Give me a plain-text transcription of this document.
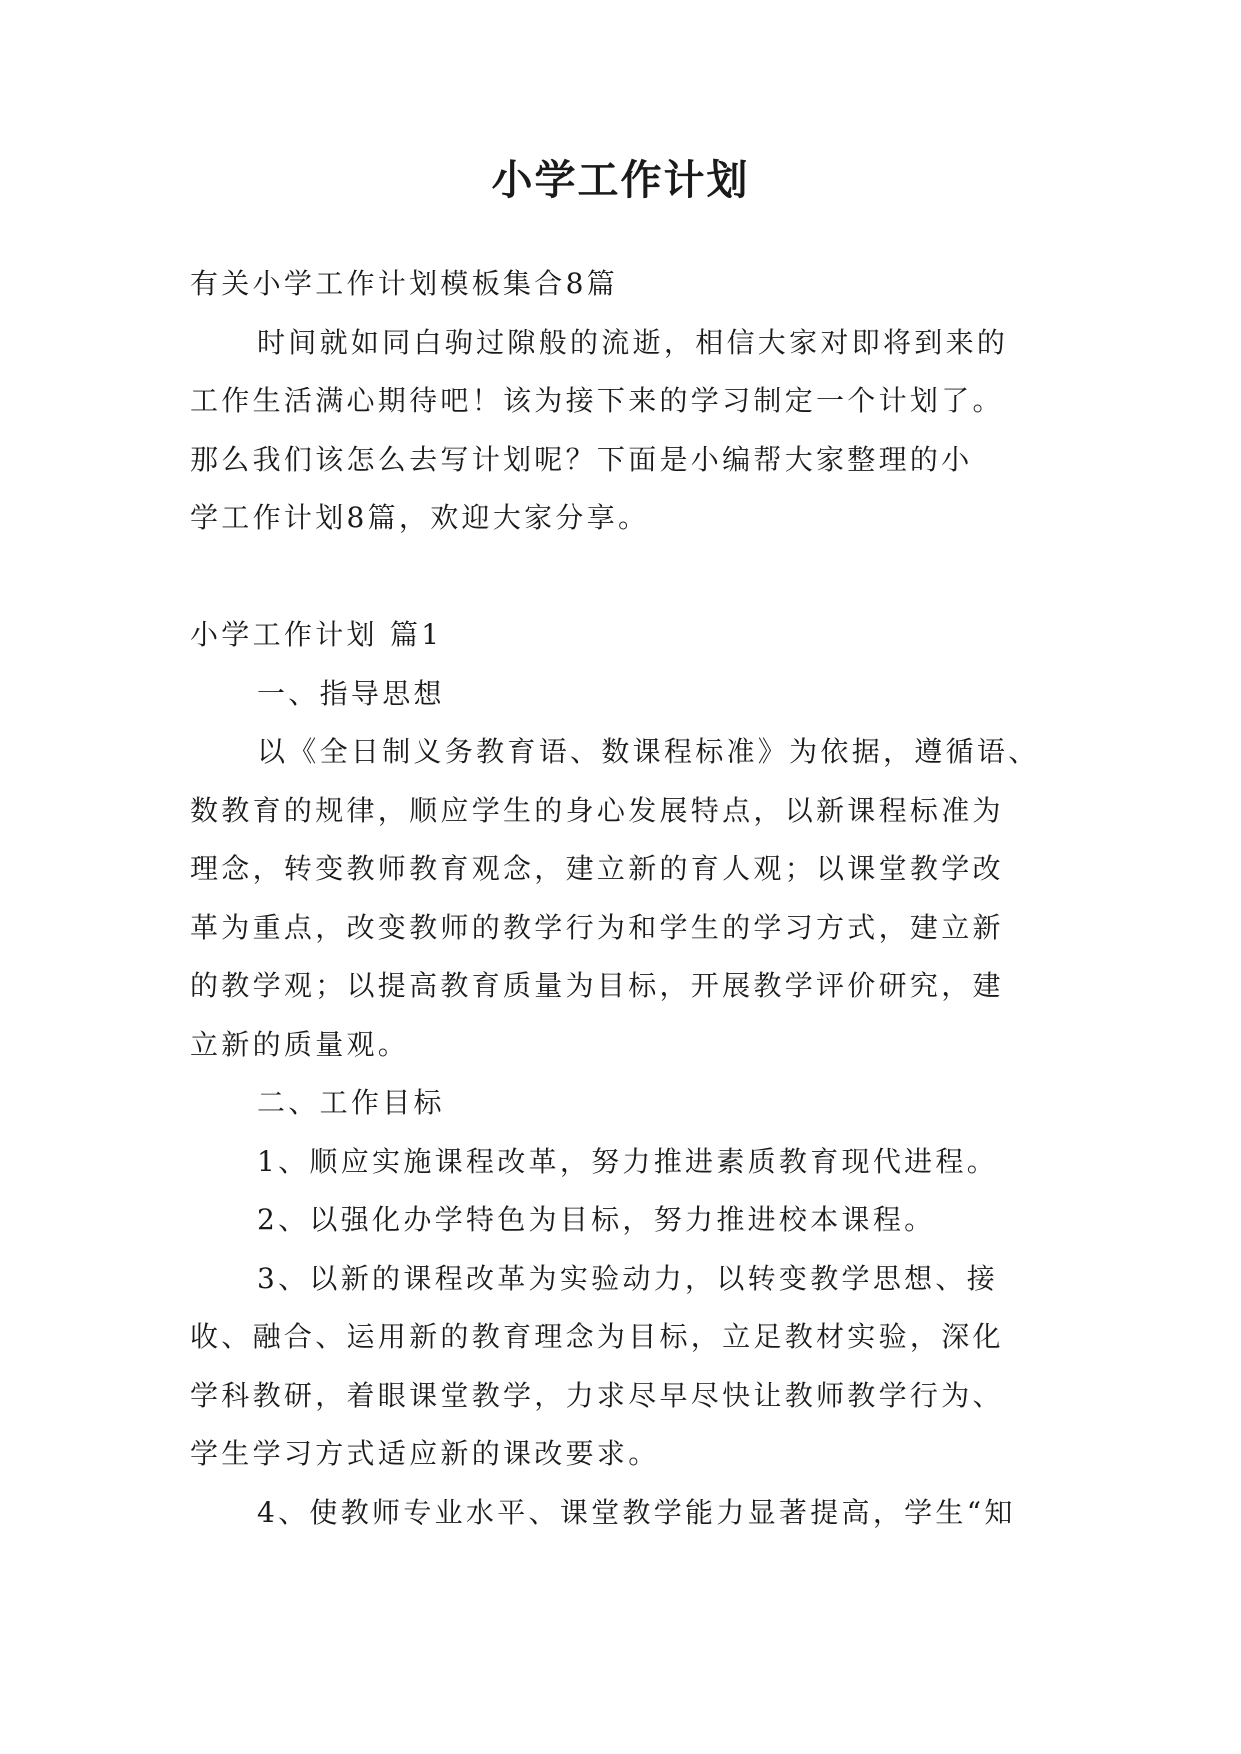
小学工作计划
有关小学工作计划模板集合8篇
时间就如同白驹过隙般的流逝，相信大家对即将到来的
工作生活满心期待吧！该为接下来的学习制定一个计划了。
那么我们该怎么去写计划呢？下面是小编帮大家整理的小
学工作计划8篇，欢迎大家分享。
小学工作计划 篇1
一、指导思想
以《全日制义务教育语、数课程标准》为依据，遵循语、
数教育的规律，顺应学生的身心发展特点，以新课程标准为
理念，转变教师教育观念，建立新的育人观；以课堂教学改
革为重点，改变教师的教学行为和学生的学习方式，建立新
的教学观；以提高教育质量为目标，开展教学评价研究，建
立新的质量观。
二、工作目标
1、顺应实施课程改革，努力推进素质教育现代进程。
2、以强化办学特色为目标，努力推进校本课程。
3、以新的课程改革为实验动力，以转变教学思想、接
收、融合、运用新的教育理念为目标，立足教材实验，深化
学科教研，着眼课堂教学，力求尽早尽快让教师教学行为、
学生学习方式适应新的课改要求。
4、使教师专业水平、课堂教学能力显著提高，学生“知
